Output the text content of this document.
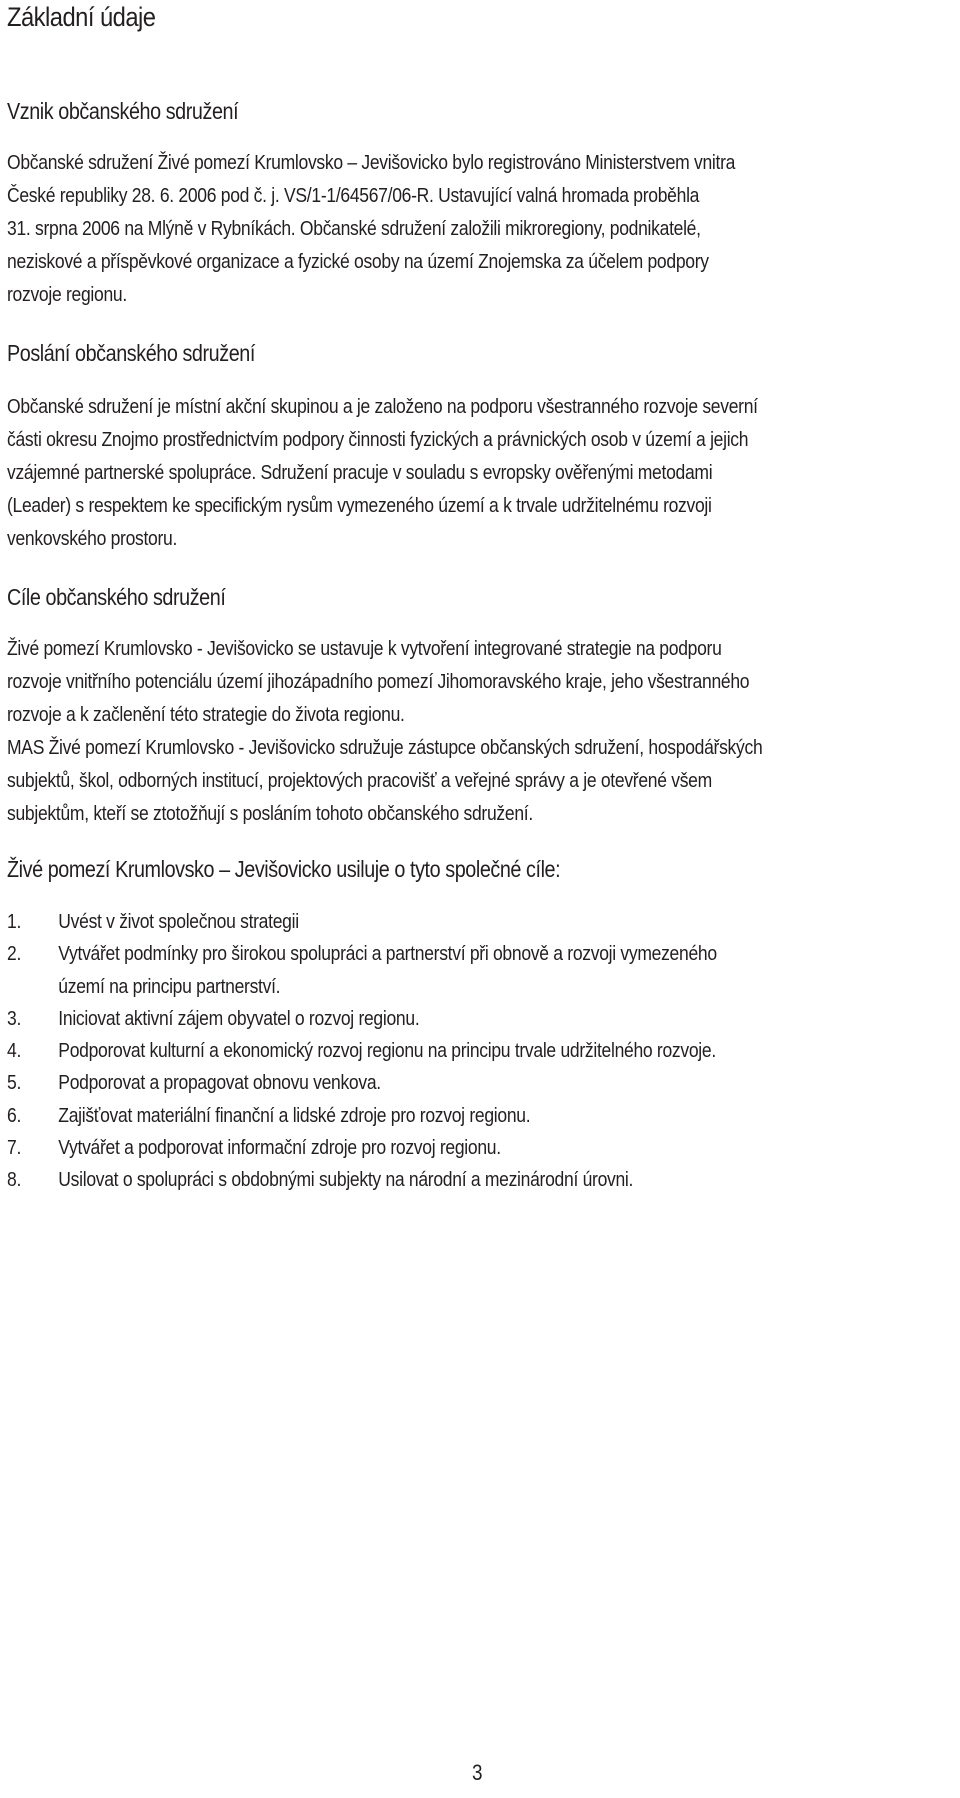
Základní údaje
Vznik občanského sdružení

Občanské sdružení Živé pomezí Krumlovsko – Jevišovicko bylo registrováno Ministerstvem vnitra
České republiky 28. 6. 2006 pod č. j. VS/1-1/64567/06-R. Ustavující valná hromada proběhla
31. srpna 2006 na Mlýně v Rybníkách. Občanské sdružení založili mikroregiony, podnikatelé,
neziskové a příspěvkové organizace a fyzické osoby na území Znojemska za účelem podpory
rozvoje regionu.

Poslání občanského sdružení

Občanské sdružení je místní akční skupinou a je založeno na podporu všestranného rozvoje severní
části okresu Znojmo prostřednictvím podpory činnosti fyzických a právnických osob v území a jejich
vzájemné partnerské spolupráce. Sdružení pracuje v souladu s evropsky ověřenými metodami
(Leader) s respektem ke specifickým rysům vymezeného území a k trvale udržitelnému rozvoji
venkovského prostoru.

Cíle občanského sdružení

Živé pomezí Krumlovsko - Jevišovicko se ustavuje k vytvoření integrované strategie na podporu
rozvoje vnitřního potenciálu území jihozápadního pomezí Jihomoravského kraje, jeho všestranného
rozvoje a k začlenění této strategie do života regionu.
MAS Živé pomezí Krumlovsko - Jevišovicko sdružuje zástupce občanských sdružení, hospodářských
subjektů, škol, odborných institucí, projektových pracovišť a veřejné správy a je otevřené všem
subjektům, kteří se ztotožňují s posláním tohoto občanského sdružení.

Živé pomezí Krumlovsko – Jevišovicko usiluje o tyto společné cíle:
1. Uvést v život společnou strategii
2. Vytvářet podmínky pro širokou spolupráci a partnerství při obnově a rozvoji vymezeného
území na principu partnerství.
3. Iniciovat aktivní zájem obyvatel o rozvoj regionu.
4. Podporovat kulturní a ekonomický rozvoj regionu na principu trvale udržitelného rozvoje.
5. Podporovat a propagovat obnovu venkova.
6. Zajišťovat materiální finanční a lidské zdroje pro rozvoj regionu.
7. Vytvářet a podporovat informační zdroje pro rozvoj regionu.
8. Usilovat o spolupráci s obdobnými subjekty na národní a mezinárodní úrovni.
3
